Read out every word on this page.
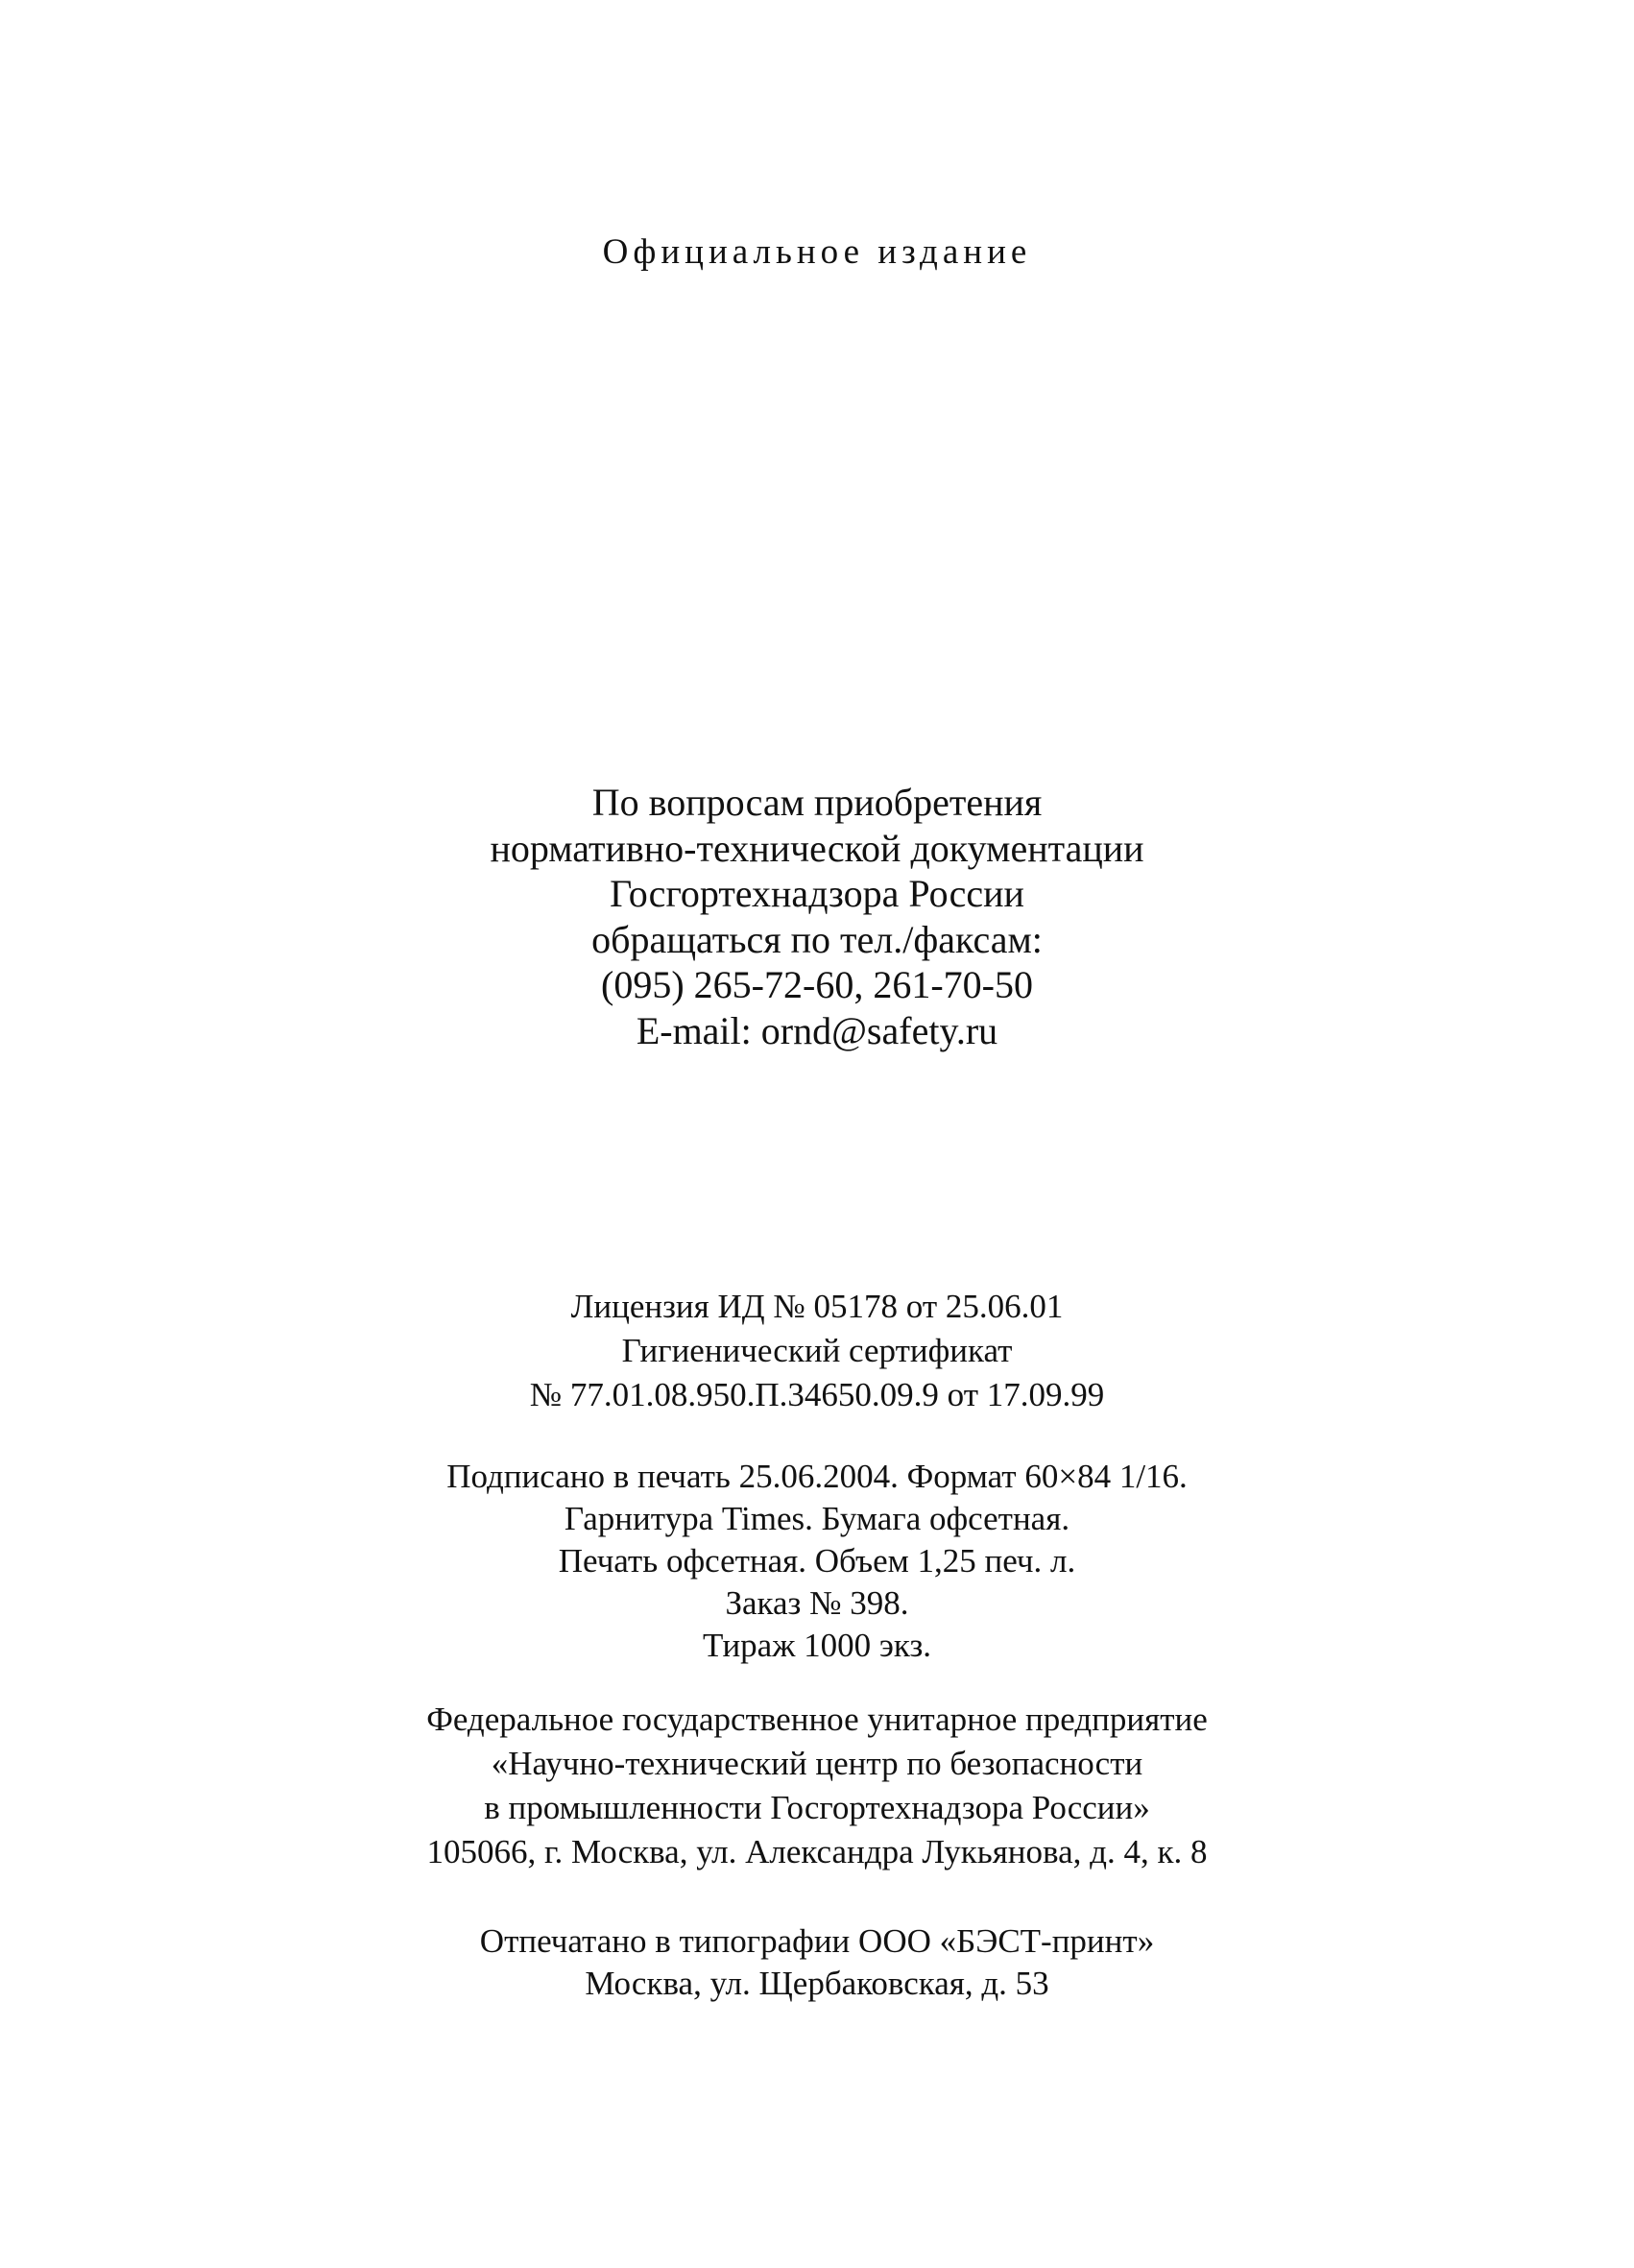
Официальное издание
По вопросам приобретения
нормативно-технической документации
Госгортехнадзора России
обращаться по тел./факсам:
(095) 265-72-60, 261-70-50
E-mail: ornd@safety.ru
Лицензия ИД № 05178 от 25.06.01
Гигиенический сертификат
№ 77.01.08.950.П.34650.09.9 от 17.09.99
Подписано в печать 25.06.2004. Формат 60×84 1/16.
Гарнитура Times. Бумага офсетная.
Печать офсетная. Объем 1,25 печ. л.
Заказ № 398.
Тираж 1000 экз.
Федеральное государственное унитарное предприятие
«Научно-технический центр по безопасности
в промышленности Госгортехнадзора России»
105066, г. Москва, ул. Александра Лукьянова, д. 4, к. 8
Отпечатано в типографии ООО «БЭСТ-принт»
Москва, ул. Щербаковская, д. 53
